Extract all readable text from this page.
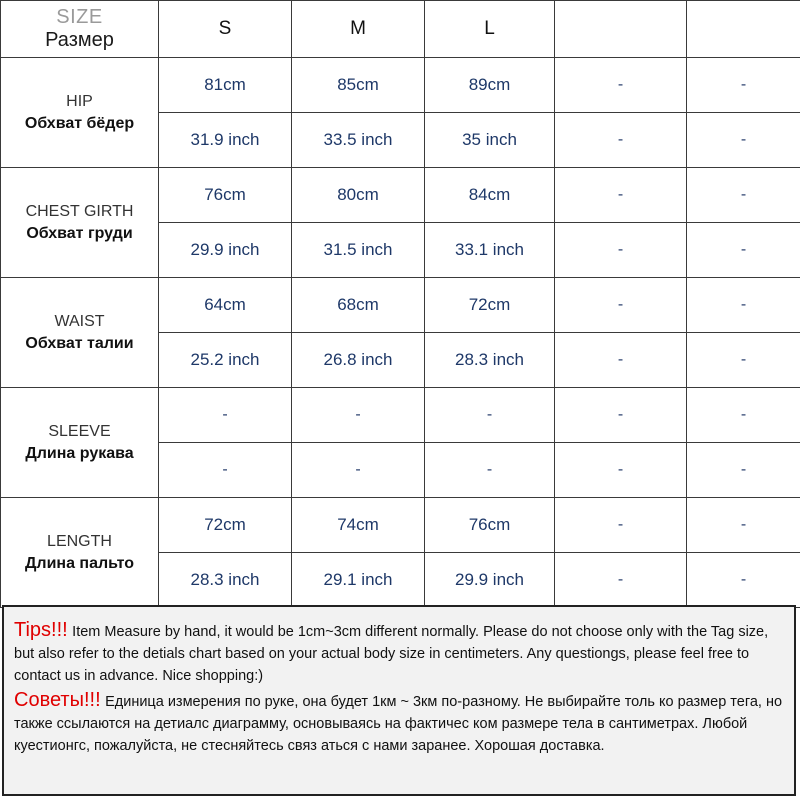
SIZE
Размер	S	M	L		

HIP
Обхват бёдер	81cm	85cm	89cm	-	-
	31.9 inch	33.5 inch	35 inch	-	-

CHEST GIRTH
Обхват груди	76cm	80cm	84cm	-	-
	29.9 inch	31.5 inch	33.1 inch	-	-

WAIST
Обхват талии	64cm	68cm	72cm	-	-
	25.2 inch	26.8 inch	28.3 inch	-	-

SLEEVE
Длина рукава	-	-	-	-	-
	-	-	-	-	-

LENGTH
Длина пальто	72cm	74cm	76cm	-	-
	28.3 inch	29.1 inch	29.9 inch	-	-
Tips!!! Item Measure by hand, it would be 1cm~3cm different normally. Please do not choose only with the Tag size, but also refer to the detials chart based on your actual body size in centimeters. Any questiongs, please feel free to contact us in advance. Nice shopping:)
Советы!!! Единица измерения по руке, она будет 1км ~ 3км по-разному. Не выбирайте толь ко размер тега, но также ссылаются на детиалс диаграмму, основываясь на фактичес ком размере тела в сантиметрах. Любой куестионгс, пожалуйста, не стесняйтесь связ аться с нами заранее. Хорошая доставка.
